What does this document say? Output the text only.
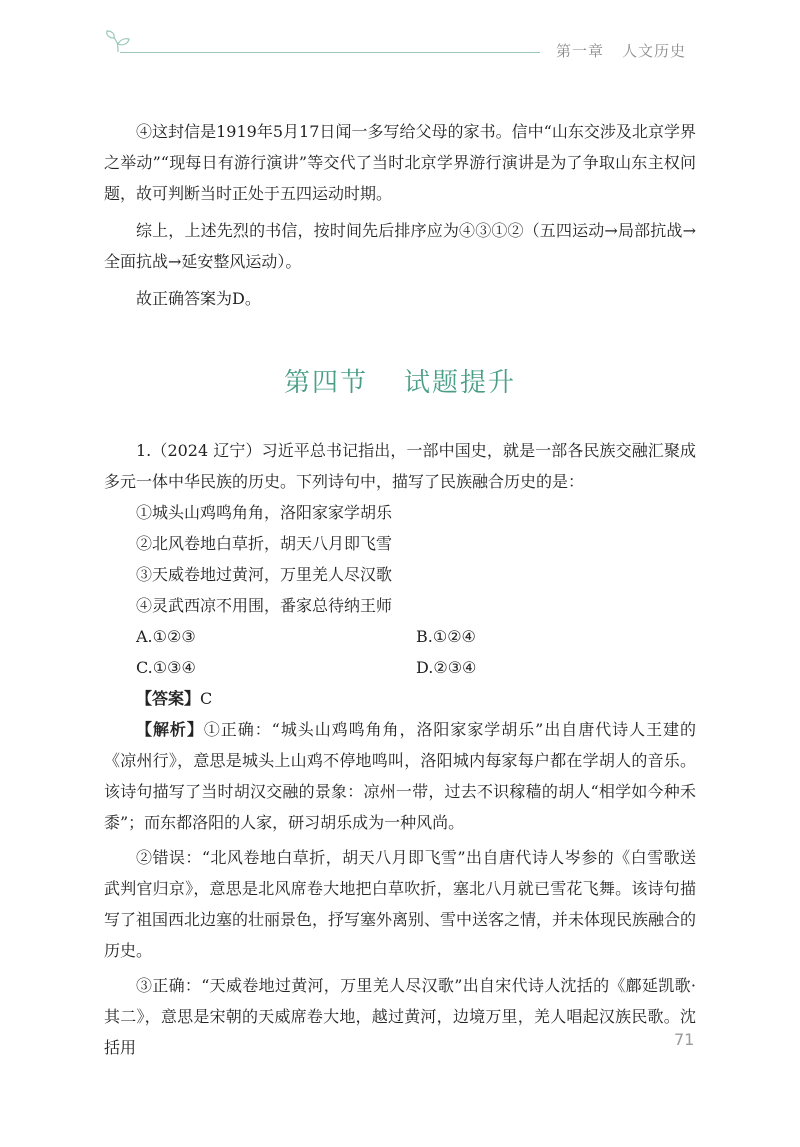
第一章 人文历史

④这封信是1919年5月17日闻一多写给父母的家书。信中“山东交涉及北京学界之举动”“现每日有游行演讲”等交代了当时北京学界游行演讲是为了争取山东主权问题，故可判断当时正处于五四运动时期。

综上，上述先烈的书信，按时间先后排序应为④③①②（五四运动→局部抗战→全面抗战→延安整风运动）。

故正确答案为D。

第四节 试题提升

1.（2024 辽宁）习近平总书记指出，一部中国史，就是一部各民族交融汇聚成多元一体中华民族的历史。下列诗句中，描写了民族融合历史的是：

①城头山鸡鸣角角，洛阳家家学胡乐

②北风卷地白草折，胡天八月即飞雪

③天威卷地过黄河，万里羌人尽汉歌

④灵武西凉不用围，番家总待纳王师

A.①②③	B.①②④
C.①③④	D.②③④

【答案】C

【解析】①正确：“城头山鸡鸣角角，洛阳家家学胡乐”出自唐代诗人王建的《凉州行》，意思是城头上山鸡不停地鸣叫，洛阳城内每家每户都在学胡人的音乐。该诗句描写了当时胡汉交融的景象：凉州一带，过去不识稼穑的胡人“相学如今种禾黍”；而东都洛阳的人家，研习胡乐成为一种风尚。

②错误：“北风卷地白草折，胡天八月即飞雪”出自唐代诗人岑参的《白雪歌送武判官归京》，意思是北风席卷大地把白草吹折，塞北八月就已雪花飞舞。该诗句描写了祖国西北边塞的壮丽景色，抒写塞外离别、雪中送客之情，并未体现民族融合的历史。

③正确：“天威卷地过黄河，万里羌人尽汉歌”出自宋代诗人沈括的《鄜延凯歌·其二》，意思是宋朝的天威席卷大地，越过黄河，边境万里，羌人唱起汉族民歌。沈括用	71
